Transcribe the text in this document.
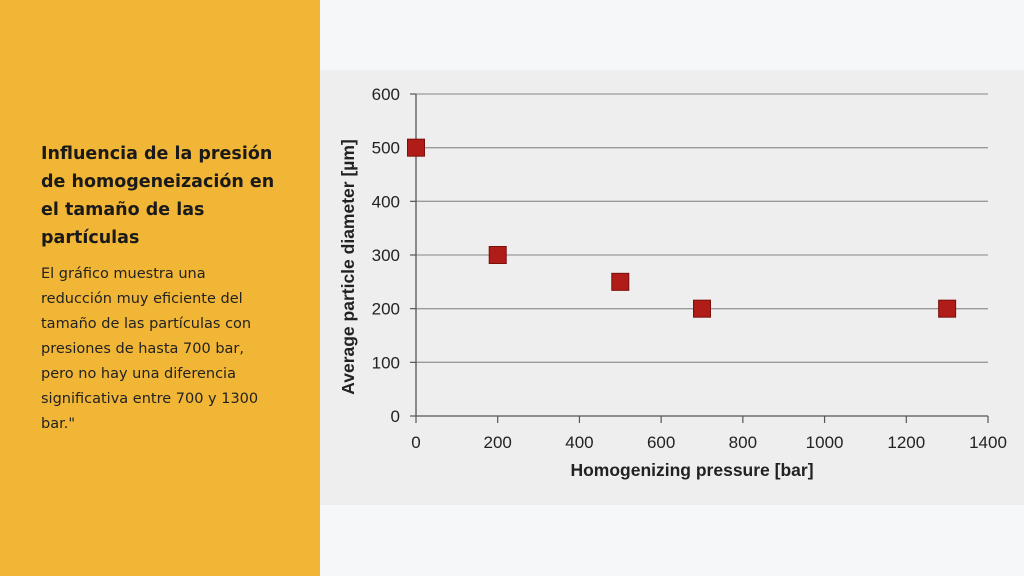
Influencia de la presión de homogeneización en el tamaño de las partículas

El gráfico muestra una reducción muy eficiente del tamaño de las partículas con presiones de hasta 700 bar, pero no hay una diferencia significativa entre 700 y 1300 bar."	0
100
200
300
400
500
600
0	200	400	600	800	1000	1200	1400
Homogenizing pressure [bar]
Average particle diameter [µm]
